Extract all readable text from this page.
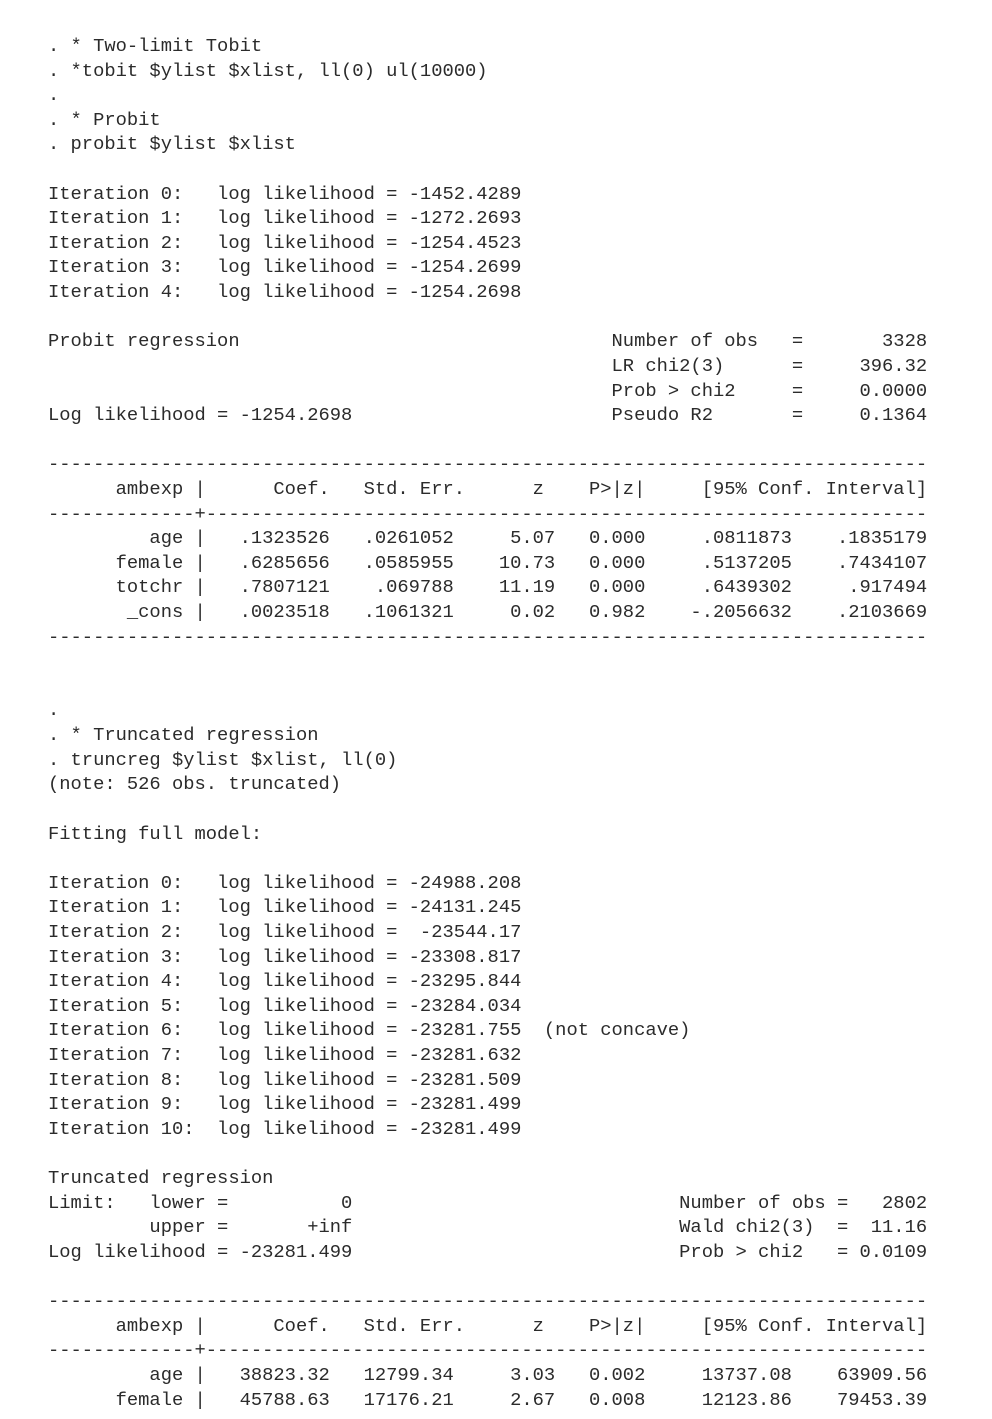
. * Two-limit Tobit
. *tobit $ylist $xlist, ll(0) ul(10000)
.
. * Probit
. probit $ylist $xlist
Iteration 0:   log likelihood = -1452.4289
Iteration 1:   log likelihood = -1272.2693
Iteration 2:   log likelihood = -1254.4523
Iteration 3:   log likelihood = -1254.2699
Iteration 4:   log likelihood = -1254.2698
Probit regression                                 Number of obs   =       3328
LR chi2(3)      =     396.32
Prob > chi2     =     0.0000
Log likelihood = -1254.2698                       Pseudo R2       =     0.1364
------------------------------------------------------------------------------
ambexp |      Coef.   Std. Err.      z    P>|z|     [95% Conf. Interval]
-------------+----------------------------------------------------------------
age |   .1323526   .0261052     5.07   0.000     .0811873    .1835179
female |   .6285656   .0585955    10.73   0.000     .5137205    .7434107
totchr |   .7807121    .069788    11.19   0.000     .6439302     .917494
_cons |   .0023518   .1061321     0.02   0.982    -.2056632    .2103669
------------------------------------------------------------------------------
.
. * Truncated regression
. truncreg $ylist $xlist, ll(0)
(note: 526 obs. truncated)
Fitting full model:
Iteration 0:   log likelihood = -24988.208
Iteration 1:   log likelihood = -24131.245
Iteration 2:   log likelihood =  -23544.17
Iteration 3:   log likelihood = -23308.817
Iteration 4:   log likelihood = -23295.844
Iteration 5:   log likelihood = -23284.034
Iteration 6:   log likelihood = -23281.755  (not concave)
Iteration 7:   log likelihood = -23281.632
Iteration 8:   log likelihood = -23281.509
Iteration 9:   log likelihood = -23281.499
Iteration 10:  log likelihood = -23281.499
Truncated regression
Limit:   lower =          0                             Number of obs =   2802
upper =       +inf                             Wald chi2(3)  =  11.16
Log likelihood = -23281.499                             Prob > chi2   = 0.0109
------------------------------------------------------------------------------
ambexp |      Coef.   Std. Err.      z    P>|z|     [95% Conf. Interval]
-------------+----------------------------------------------------------------
age |   38823.32   12799.34     3.03   0.002     13737.08    63909.56
female |   45788.63   17176.21     2.67   0.008     12123.86    79453.39
